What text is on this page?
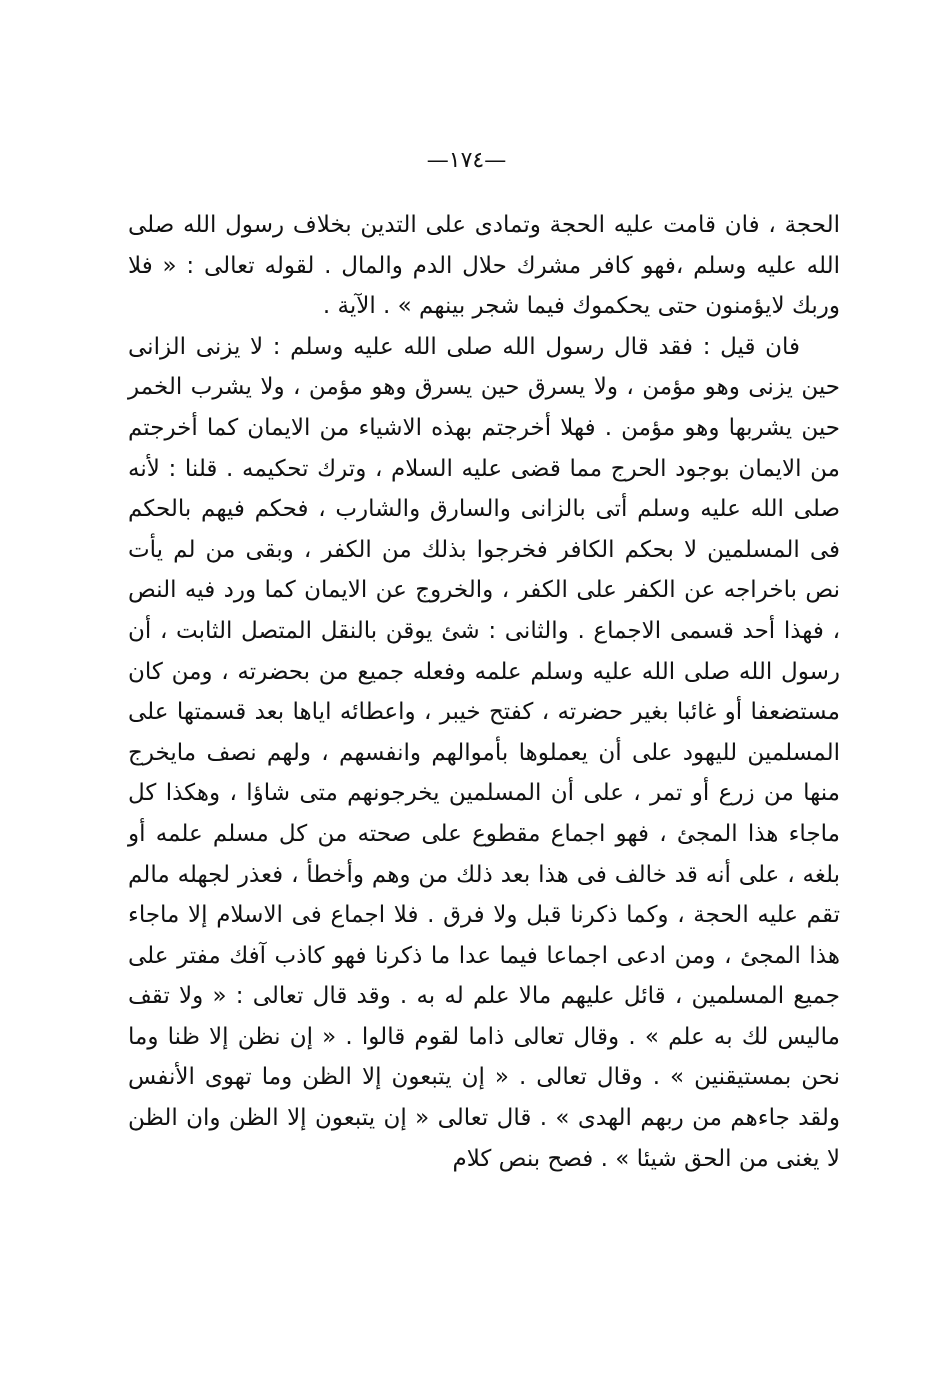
—١٧٤—

الحجة ، فان قامت عليه الحجة وتمادى على التدين بخلاف رسول الله صلى الله عليه وسلم ،فهو كافر مشرك حلال الدم والمال . لقوله تعالى : « فلا وربك لايؤمنون حتى يحكموك فيما شجر بينهم » . الآية .

فان قيل : فقد قال رسول الله صلى الله عليه وسلم : لا يزنى الزانى حين يزنى وهو مؤمن ، ولا يسرق حين يسرق وهو مؤمن ، ولا يشرب الخمر حين يشربها وهو مؤمن . فهلا أخرجتم بهذه الاشياء من الايمان كما أخرجتم من الايمان بوجود الحرج مما قضى عليه السلام ، وترك تحكيمه . قلنا : لأنه صلى الله عليه وسلم أتى بالزانى والسارق والشارب ، فحكم فيهم بالحكم فى المسلمين لا بحكم الكافر فخرجوا بذلك من الكفر ، وبقى من لم يأت نص باخراجه عن الكفر على الكفر ، والخروج عن الايمان كما ورد فيه النص ، فهذا أحد قسمى الاجماع . والثانى : شئ يوقن بالنقل المتصل الثابت ، أن رسول الله صلى الله عليه وسلم علمه وفعله جميع من بحضرته ، ومن كان مستضعفا أو غائبا بغير حضرته ، كفتح خيبر ، واعطائه اياها بعد قسمتها على المسلمين لليهود على أن يعملوها بأموالهم وانفسهم ، ولهم نصف مايخرج منها من زرع أو تمر ، على أن المسلمين يخرجونهم متى شاؤا ، وهكذا كل ماجاء هذا المجئ ، فهو اجماع مقطوع على صحته من كل مسلم علمه أو بلغه ، على أنه قد خالف فى هذا بعد ذلك من وهم وأخطأ ، فعذر لجهله مالم تقم عليه الحجة ، وكما ذكرنا قبل ولا فرق . فلا اجماع فى الاسلام إلا ماجاء هذا المجئ ، ومن ادعى اجماعا فيما عدا ما ذكرنا فهو كاذب آفك مفتر على جميع المسلمين ، قائل عليهم مالا علم له به . وقد قال تعالى : « ولا تقف ماليس لك به علم » . وقال تعالى ذاما لقوم قالوا . « إن نظن إلا ظنا وما نحن بمستيقنين » . وقال تعالى . « إن يتبعون إلا الظن وما تهوى الأنفس ولقد جاءهم من ربهم الهدى » . قال تعالى « إن يتبعون إلا الظن وان الظن لا يغنى من الحق شيئا » . فصح بنص كلام
